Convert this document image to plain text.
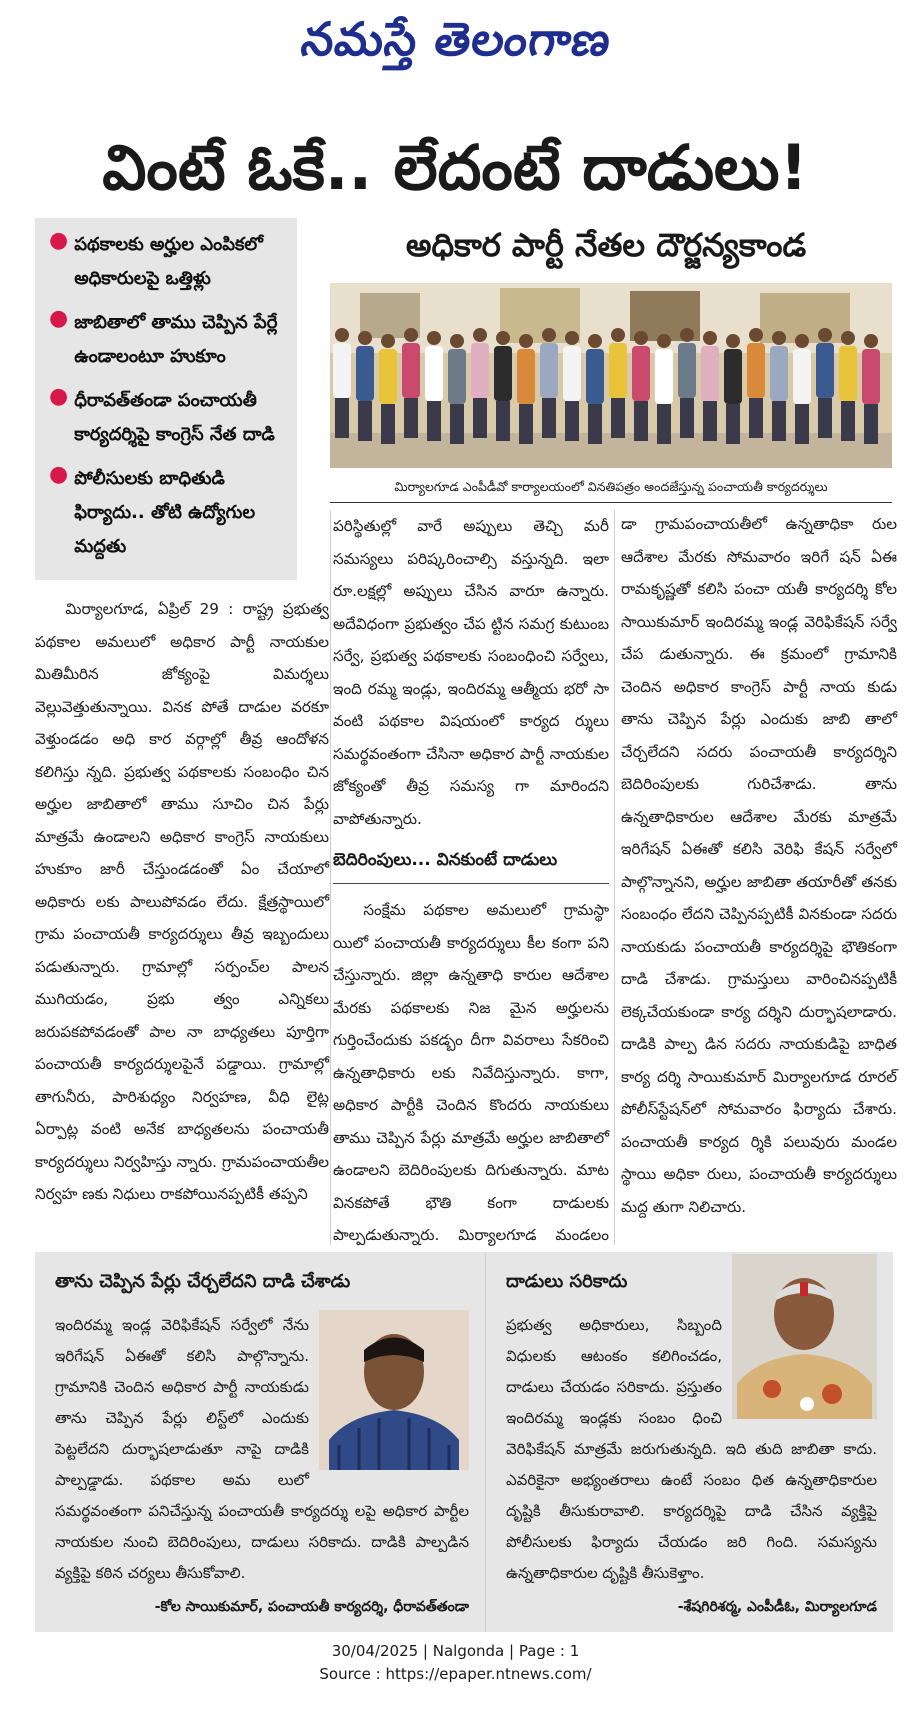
నమస్తే తెలంగాణ
వింటే ఓకే.. లేదంటే దాడులు!
● పథకాలకు అర్హుల ఎంపికలో అధికారులపై ఒత్తిళ్లు
● జాబితాలో తాము చెప్పిన పేర్లే ఉండాలంటూ హుకూం
● ధీరావత్‌తండా పంచాయతీ కార్యదర్శిపై కాంగ్రెస్ నేత దాడి
● పోలీసులకు బాధితుడి ఫిర్యాదు.. తోటి ఉద్యోగుల మద్దతు
అధికార పార్టీ నేతల దౌర్జన్యకాండ
మిర్యాలగూడ ఎంపీడీవో కార్యాలయంలో వినతిపత్రం అందజేస్తున్న పంచాయతీ కార్యదర్శులు

మిర్యాలగూడ, ఏప్రిల్ 29 : రాష్ట్ర ప్రభుత్వ పథకాల అమలులో అధికార పార్టీ నాయకుల మితిమీరిన జోక్యంపై విమర్శలు వెల్లువెత్తుతున్నాయి. వినక పోతే దాడుల వరకూ వెళ్తుండడం అధి కార వర్గాల్లో తీవ్ర ఆందోళన కలిగిస్తు న్నది. ప్రభుత్వ పథకాలకు సంబంధిం చిన అర్హుల జాబితాలో తాము సూచిం చిన పేర్లు మాత్రమే ఉండాలని అధికార కాంగ్రెస్ నాయకులు హుకూం జారీ చేస్తుండడంతో ఏం చేయాలో అధికారు లకు పాలుపోవడం లేదు. క్షేత్రస్థాయిలో గ్రామ పంచాయతీ కార్యదర్శులు తీవ్ర ఇబ్బందులు పడుతున్నారు. గ్రామాల్లో సర్పంచ్‌ల పాలన ముగియడం, ప్రభు త్వం ఎన్నికలు జరుపకపోవడంతో పాల నా బాధ్యతలు పూర్తిగా పంచాయతీ కార్యదర్శులపైనే పడ్డాయి. గ్రామాల్లో తాగునీరు, పారిశుధ్యం నిర్వహణ, వీధి లైట్ల ఏర్పాట్ల వంటి అనేక బాధ్యతలను పంచాయతీ కార్యదర్శులు నిర్వహిస్తు న్నారు. గ్రామపంచాయతీల నిర్వహ ణకు నిధులు రాకపోయినప్పటికీ తప్పని

పరిస్థితుల్లో వారే అప్పులు తెచ్చి మరీ సమస్యలు పరిష్కరించాల్సి వస్తున్నది. ఇలా రూ.లక్షల్లో అప్పులు చేసిన వారూ ఉన్నారు. అదేవిధంగా ప్రభుత్వం చేప ట్టిన సమగ్ర కుటుంబ సర్వే, ప్రభుత్వ పథకాలకు సంబంధించి సర్వేలు, ఇంది రమ్మ ఇండ్లు, ఇందిరమ్మ ఆత్మీయ భరో సా వంటి పథకాల విషయంలో కార్యద ర్శులు సమర్థవంతంగా చేసినా అధికార పార్టీ నాయకుల జోక్యంతో తీవ్ర సమస్య గా మారిందని వాపోతున్నారు.

బెదిరింపులు... వినకుంటే దాడులు

సంక్షేమ పథకాల అమలులో గ్రామస్థా యిలో పంచాయతీ కార్యదర్శులు కీల కంగా పని చేస్తున్నారు. జిల్లా ఉన్నతాధి కారుల ఆదేశాల మేరకు పథకాలకు నిజ మైన అర్హులను గుర్తించేందుకు పకడ్బం దీగా వివరాలు సేకరించి ఉన్నతాధికారు లకు నివేదిస్తున్నారు. కాగా, అధికార పార్టీకి చెందిన కొందరు నాయకులు తాము చెప్పిన పేర్లు మాత్రమే అర్హుల జాబితాలో ఉండాలని బెదిరింపులకు దిగుతున్నారు. మాట వినకపోతే భౌతి కంగా దాడులకు పాల్పడుతున్నారు. మిర్యాలగూడ మండలం

డా గ్రామపంచాయతీలో ఉన్నతాధికా రుల ఆదేశాల మేరకు సోమవారం ఇరిగే షన్ ఏఈ రామకృష్ణతో కలిసి పంచా యతీ కార్యదర్శి కోల సాయికుమార్ ఇందిరమ్మ ఇండ్ల వెరిఫికేషన్ సర్వే చేప డుతున్నారు. ఈ క్రమంలో గ్రామానికి చెందిన అధికార కాంగ్రెస్ పార్టీ నాయ కుడు తాను చెప్పిన పేర్లు ఎందుకు జాబి తాలో చేర్చలేదని సదరు పంచాయతీ కార్యదర్శిని బెదిరింపులకు గురిచేశాడు. తాను ఉన్నతాధికారుల ఆదేశాల మేరకు మాత్రమే ఇరిగేషన్ ఏఈతో కలిసి వెరిఫి కేషన్ సర్వేలో పాల్గొన్నానని, అర్హుల జాబితా తయారీతో తనకు సంబంధం లేదని చెప్పినప్పటికీ వినకుండా సదరు నాయకుడు పంచాయతీ కార్యదర్శిపై భౌతికంగా దాడి చేశాడు. గ్రామస్తులు వారించినప్పటికీ లెక్కచేయకుండా కార్య దర్శిని దుర్భాషలాడారు. దాడికి పాల్ప డిన సదరు నాయకుడిపై బాధిత కార్య దర్శి సాయికుమార్ మిర్యాలగూడ రూరల్ పోలీస్‌స్టేషన్‌లో సోమవారం ఫిర్యాదు చేశారు. పంచాయతీ కార్యద ర్శికి పలువురు మండల స్థాయి అధికా రులు, పంచాయతీ కార్యదర్శులు మద్ద తుగా నిలిచారు.

తాను చెప్పిన పేర్లు చేర్చలేదని దాడి చేశాడు
ఇందిరమ్మ ఇండ్ల వెరిఫికేషన్ సర్వేలో నేను ఇరిగేషన్ ఏఈతో కలిసి పాల్గొన్నాను. గ్రామానికి చెందిన అధికార పార్టీ నాయకుడు తాను చెప్పిన పేర్లు లిస్ట్‌లో ఎందుకు పెట్టలేదని దుర్భాషలాడుతూ నాపై దాడికి పాల్పడ్డాడు. పథకాల అమ లులో సమర్థవంతంగా పనిచేస్తున్న పంచాయతీ కార్యదర్శు లపై అధికార పార్టీల నాయకుల నుంచి బెదిరింపులు, దాడులు సరికాదు. దాడికి పాల్పడిన వ్యక్తిపై కఠిన చర్యలు తీసుకోవాలి.
-కోల సాయికుమార్, పంచాయతీ కార్యదర్శి, ధీరావత్‌తండా
దాడులు సరికాదు
ప్రభుత్వ అధికారులు, సిబ్బంది విధులకు ఆటంకం కలిగించడం, దాడులు చేయడం సరికాదు. ప్రస్తుతం ఇందిరమ్మ ఇండ్లకు సంబం ధించి వెరిఫికేషన్ మాత్రమే జరుగుతున్నది. ఇది తుది జాబితా కాదు. ఎవరికైనా అభ్యంతరాలు ఉంటే సంబం ధిత ఉన్నతాధికారుల దృష్టికి తీసుకురావాలి. కార్యదర్శిపై దాడి చేసిన వ్యక్తిపై పోలీసులకు ఫిర్యాదు చేయడం జరి గింది. సమస్యను ఉన్నతాధికారుల దృష్టికి తీసుకెళ్తాం.
-శేషగిరిశర్మ, ఎంపీడీఓ, మిర్యాలగూడ
30/04/2025 | Nalgonda | Page : 1
Source : https://epaper.ntnews.com/
